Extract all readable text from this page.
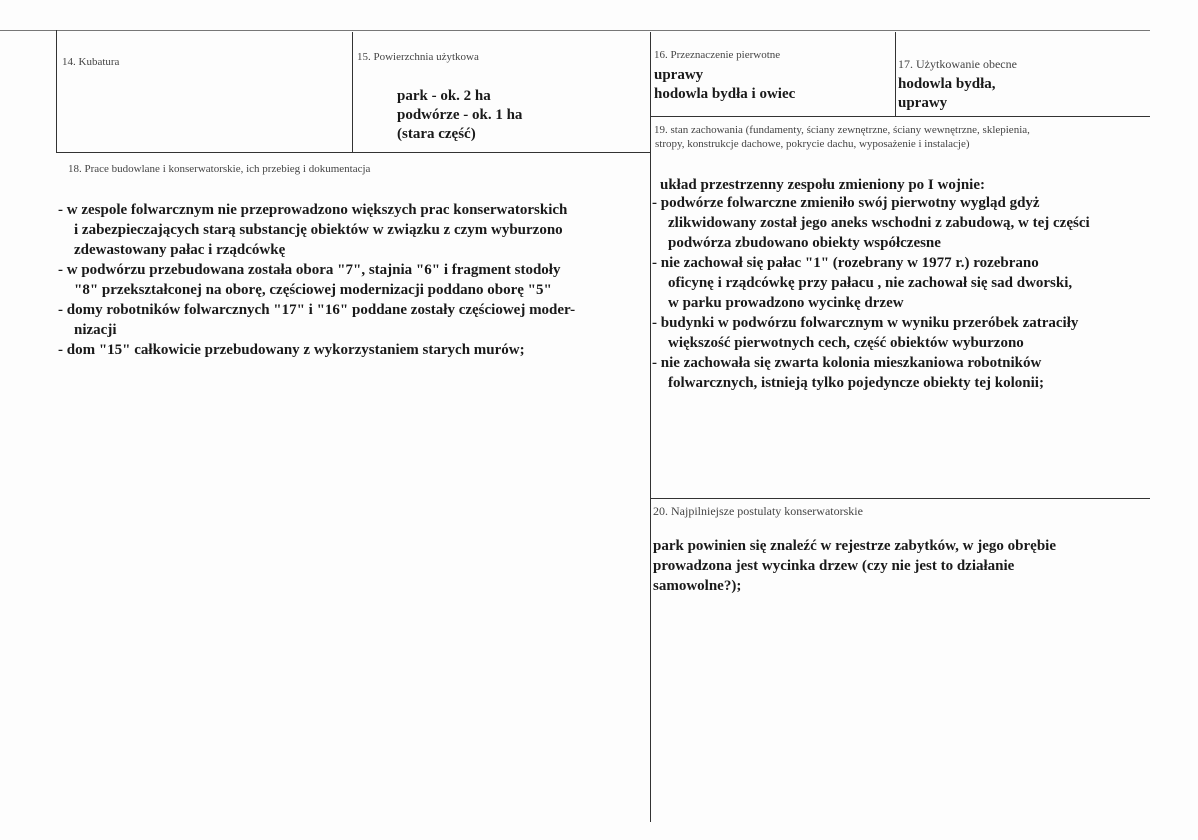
14. Kubatura	15. Powierzchnia użytkowa
park - ok. 2 ha
podwórze - ok. 1 ha
(stara część)
16. Przeznaczenie pierwotne
uprawy
hodowla bydła i owiec
17. Użytkowanie obecne
hodowla bydła,
uprawy
18. Prace budowlane i konserwatorskie, ich przebieg i dokumentacja
- w zespole folwarcznym nie przeprowadzono większych prac konserwatorskich
i zabezpieczających starą substancję obiektów w związku z czym wyburzono
zdewastowany pałac i rządcówkę
- w podwórzu przebudowana została obora "7", stajnia "6" i fragment stodoły
"8" przekształconej na oborę, częściowej modernizacji poddano oborę "5"
- domy robotników folwarcznych "17" i "16" poddane zostały częściowej moder-
nizacji
- dom "15" całkowicie przebudowany z wykorzystaniem starych murów;
19. stan zachowania (fundamenty, ściany zewnętrzne, ściany wewnętrzne, sklepienia,
stropy, konstrukcje dachowe, pokrycie dachu, wyposażenie i instalacje)
układ przestrzenny zespołu zmieniony po I wojnie:
- podwórze folwarczne zmieniło swój pierwotny wygląd gdyż
zlikwidowany został jego aneks wschodni z zabudową, w tej części
podwórza zbudowano obiekty współczesne
- nie zachował się pałac "1" (rozebrany w 1977 r.) rozebrano
oficynę i rządcówkę przy pałacu , nie zachował się sad dworski,
w parku prowadzono wycinkę drzew
- budynki w podwórzu folwarcznym w wyniku przeróbek zatraciły
większość pierwotnych cech, część obiektów wyburzono
- nie zachowała się zwarta kolonia mieszkaniowa robotników
folwarcznych, istnieją tylko pojedyncze obiekty tej kolonii;
20. Najpilniejsze postulaty konserwatorskie
park powinien się znaleźć w rejestrze zabytków, w jego obrębie
prowadzona jest wycinka drzew (czy nie jest to działanie
samowolne?);
